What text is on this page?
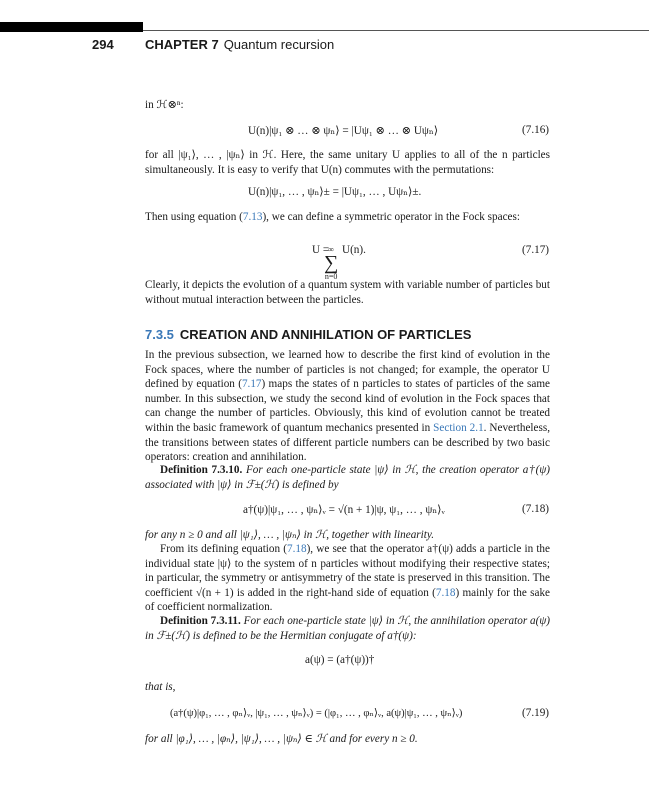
294 CHAPTER 7 Quantum recursion
in ℋ⊗ⁿ:
U(n)|ψ₁ ⊗ … ⊗ ψₙ⟩ = |Uψ₁ ⊗ … ⊗ Uψₙ⟩	(7.16)
for all |ψ₁⟩, … , |ψₙ⟩ in ℋ. Here, the same unitary U applies to all of the n particles simultaneously. It is easy to verify that U(n) commutes with the permutations:
U(n)|ψ₁, … , ψₙ⟩± = |Uψ₁, … , Uψₙ⟩±.
Then using equation (7.13), we can define a symmetric operator in the Fock spaces:
U = ∞
∑
n=0
U(n).	(7.17)
Clearly, it depicts the evolution of a quantum system with variable number of particles but without mutual interaction between the particles.
7.3.5 CREATION AND ANNIHILATION OF PARTICLES
In the previous subsection, we learned how to describe the first kind of evolution in the Fock spaces, where the number of particles is not changed; for example, the operator U defined by equation (7.17) maps the states of n particles to states of particles of the same number. In this subsection, we study the second kind of evolution in the Fock spaces that can change the number of particles. Obviously, this kind of evolution cannot be treated within the basic framework of quantum mechanics presented in Section 2.1. Nevertheless, the transitions between states of different particle numbers can be described by two basic operators: creation and annihilation.
Definition 7.3.10. For each one-particle state |ψ⟩ in ℋ, the creation operator a†(ψ) associated with |ψ⟩ in ℱ±(ℋ) is defined by
a†(ψ)|ψ₁, … , ψₙ⟩ᵥ = √(n + 1)|ψ, ψ₁, … , ψₙ⟩ᵥ	(7.18)
for any n ≥ 0 and all |ψ₁⟩, … , |ψₙ⟩ in ℋ, together with linearity.
From its defining equation (7.18), we see that the operator a†(ψ) adds a particle in the individual state |ψ⟩ to the system of n particles without modifying their respective states; in particular, the symmetry or antisymmetry of the state is preserved in this transition. The coefficient √(n + 1) is added in the right-hand side of equation (7.18) mainly for the sake of coefficient normalization.
Definition 7.3.11. For each one-particle state |ψ⟩ in ℋ, the annihilation operator a(ψ) in ℱ±(ℋ) is defined to be the Hermitian conjugate of a†(ψ):
a(ψ) = (a†(ψ))†
that is,
(a†(ψ)|φ₁, … , φₙ⟩ᵥ, |ψ₁, … , ψₙ⟩ᵥ) = (|φ₁, … , φₙ⟩ᵥ, a(ψ)|ψ₁, … , ψₙ⟩ᵥ)	(7.19)
for all |φ₁⟩, … , |φₙ⟩, |ψ₁⟩, … , |ψₙ⟩ ∈ ℋ and for every n ≥ 0.
